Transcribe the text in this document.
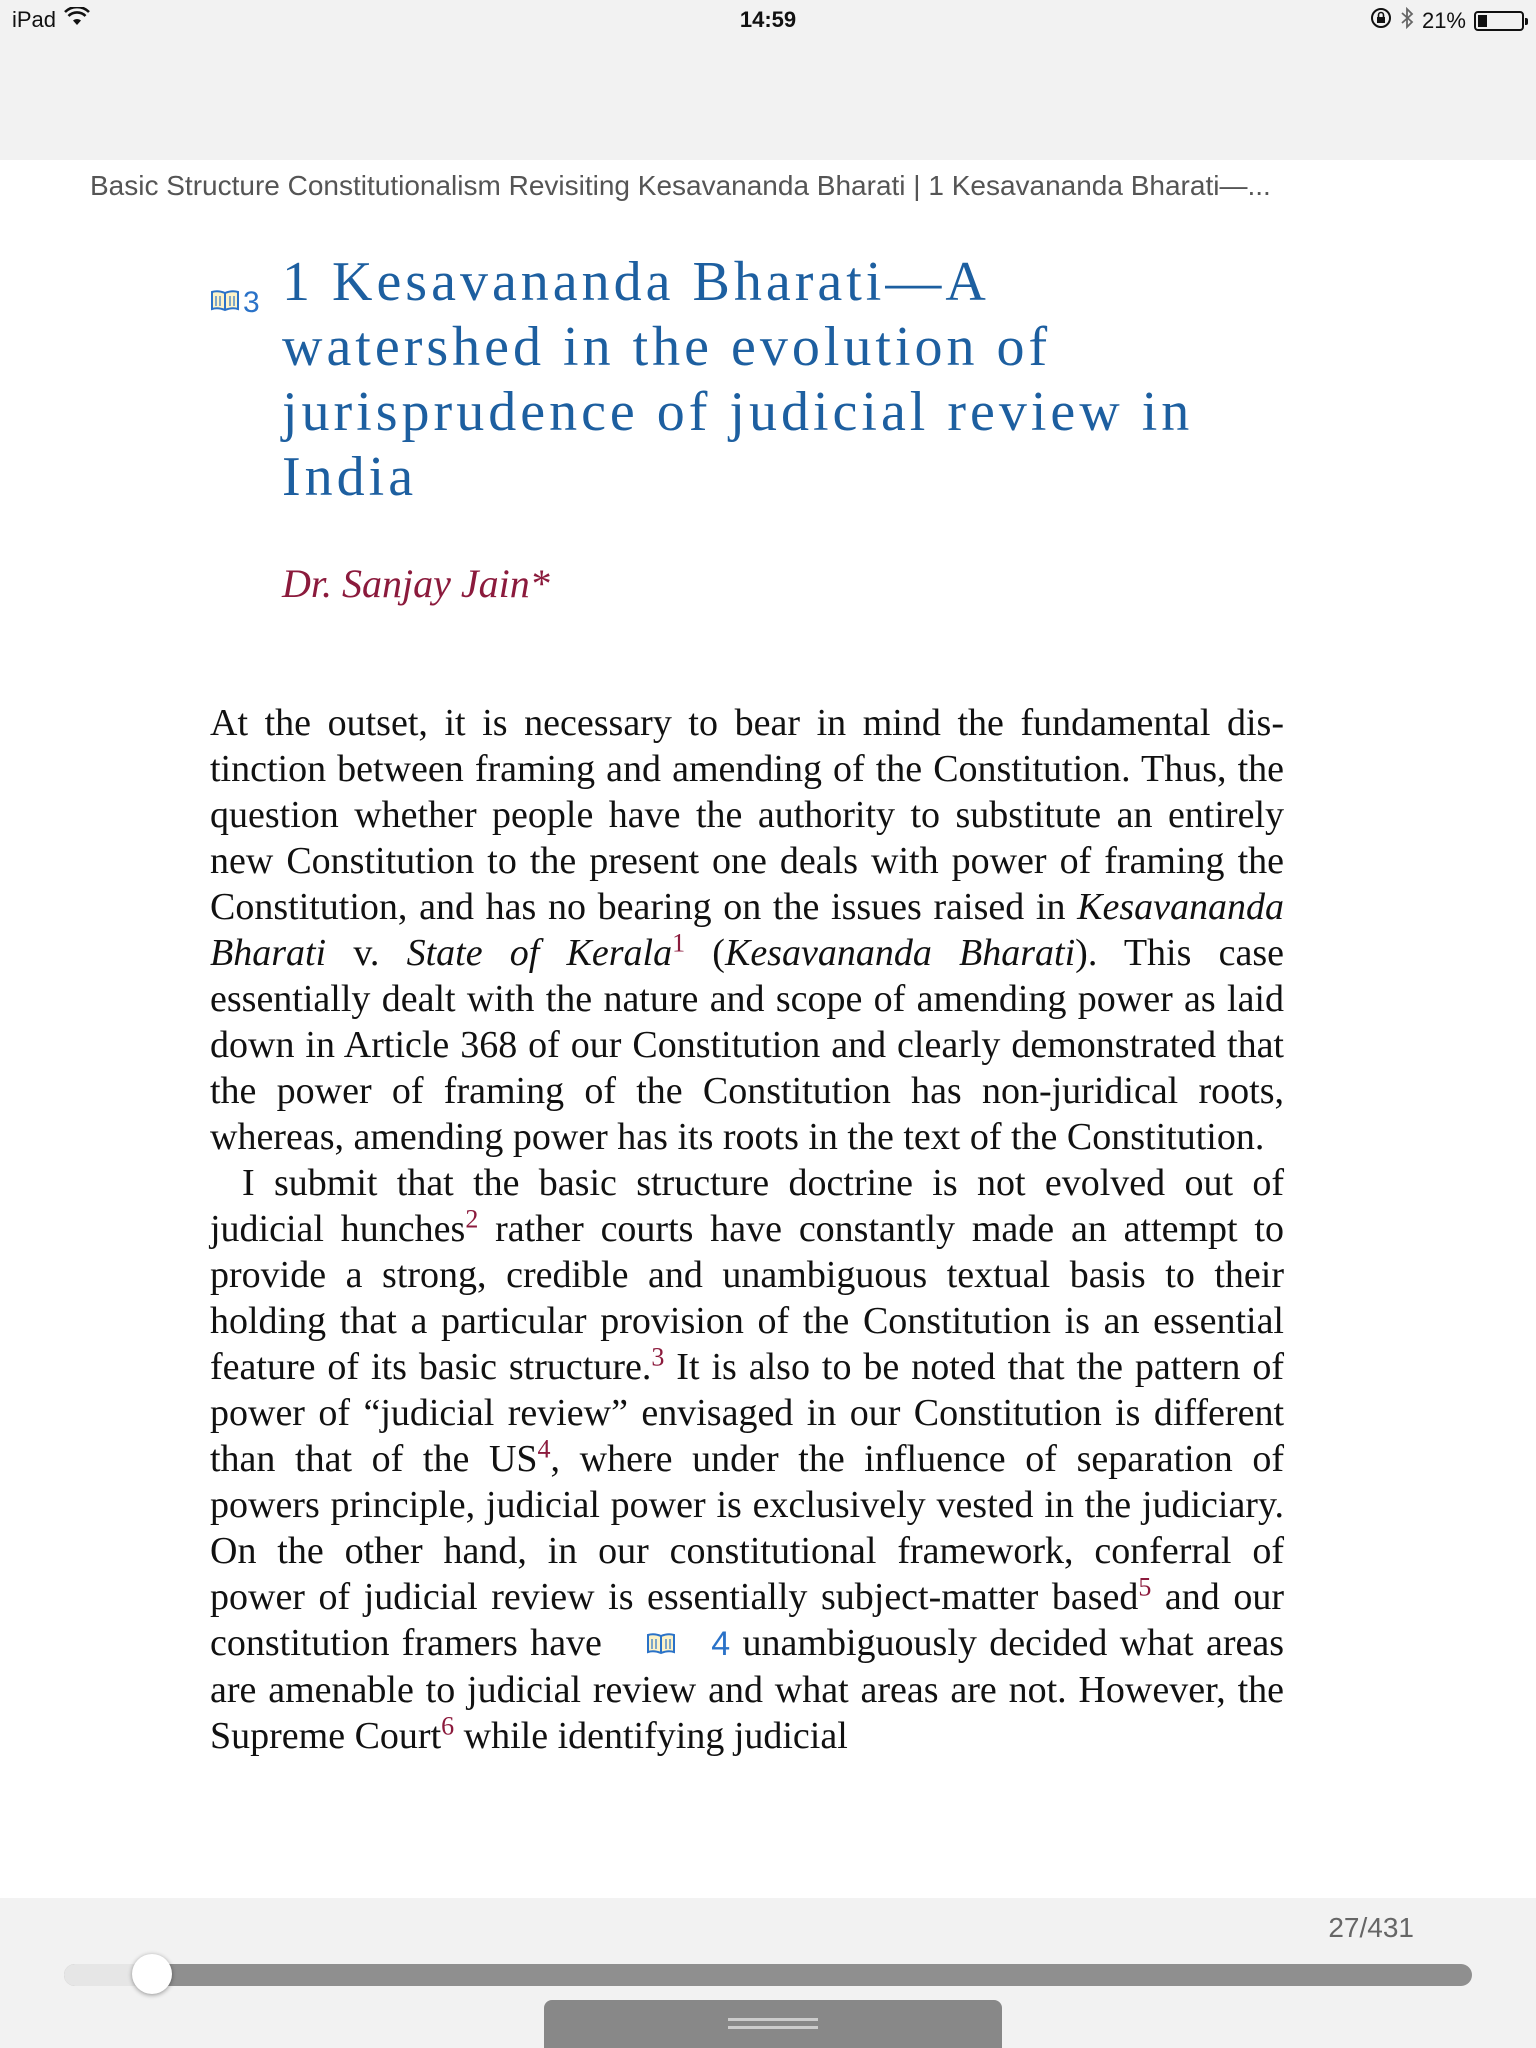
iPad	14:59	21%
Basic Structure Constitutionalism Revisiting Kesavananda Bharati | 1 Kesavananda Bharati—...
3 1 Kesavananda Bharati—A watershed in the evolution of jurisprudence of judicial review in India
Dr. Sanjay Jain*

At the outset, it is necessary to bear in mind the fundamental distinction between framing and amending of the Constitution. Thus, the question whether people have the authority to substitute an entirely new Constitution to the present one deals with power of framing the Constitution, and has no bearing on the issues raised in Kesavananda Bharati v. State of Kerala$^1$ (Kesavananda Bharati). This case essentially dealt with the nature and scope of amending power as laid down in Article 368 of our Constitution and clearly demonstrated that the power of framing of the Constitution has non-juridical roots, whereas, amending power has its roots in the text of the Constitution.

I submit that the basic structure doctrine is not evolved out of judicial hunches$^2$ rather courts have constantly made an attempt to provide a strong, credible and unambiguous textual basis to their holding that a particular provision of the Constitution is an essential feature of its basic structure.$^3$ It is also to be noted that the pattern of power of “judicial review” envisaged in our Constitution is different than that of the $US^4$, where under the influence of separation of powers principle, judicial power is exclusively vested in the judiciary. On the other hand, in our constitutional framework, conferral of power of judicial review is essentially subject-matter based$^5$ and our constitution framers have	4 unambiguously decided what areas are amenable to judicial review and what areas are not. However, the Supreme Court$^6$ while identifying judicial

27/431
